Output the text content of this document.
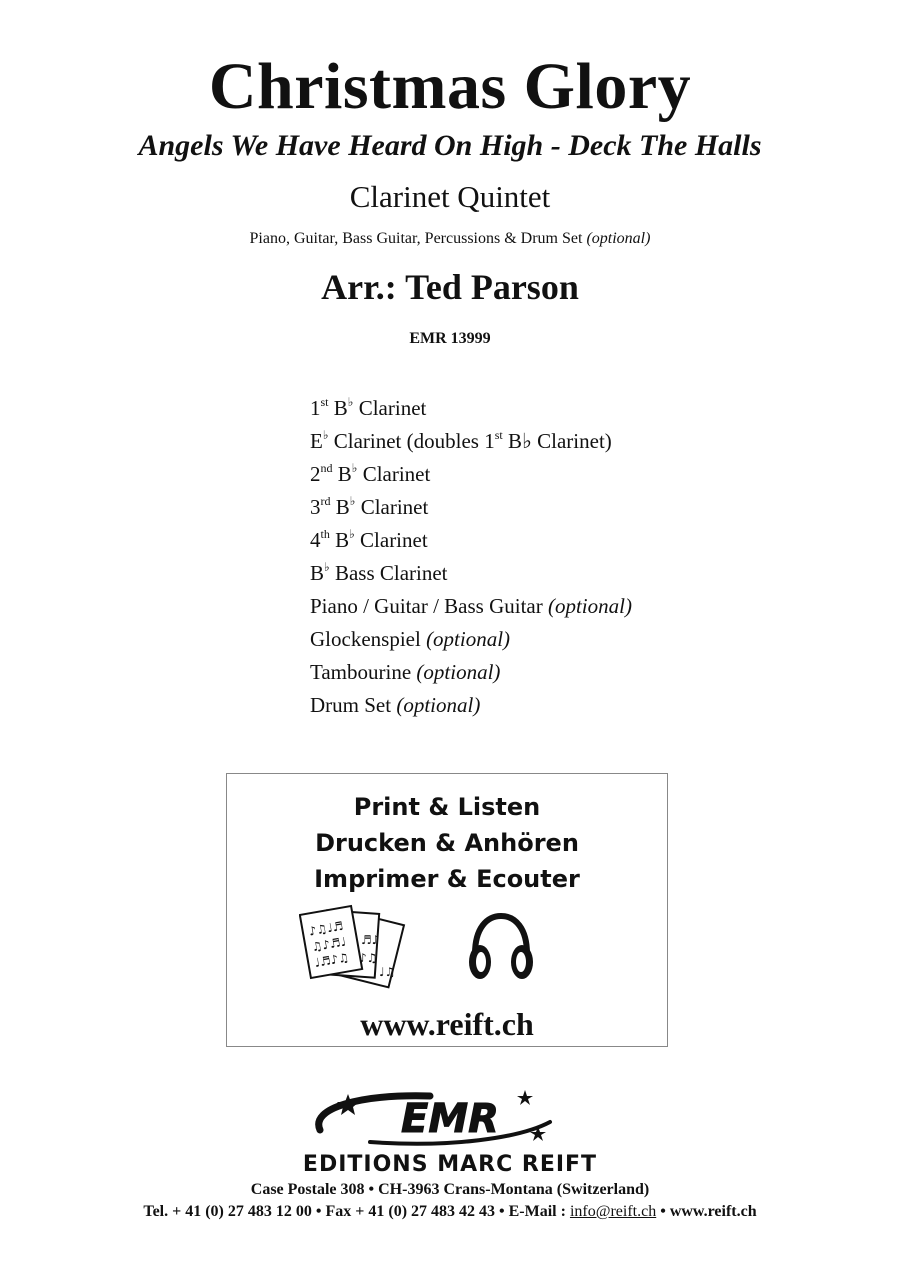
Christmas Glory
Angels We Have Heard On High - Deck The Halls
Clarinet Quintet
Piano, Guitar, Bass Guitar, Percussions & Drum Set (optional)
Arr.: Ted Parson
EMR 13999
1st B♭ Clarinet
E♭ Clarinet (doubles 1st B♭ Clarinet)
2nd B♭ Clarinet
3rd B♭ Clarinet
4th B♭ Clarinet
B♭ Bass Clarinet
Piano / Guitar / Bass Guitar (optional)
Glockenspiel (optional)
Tambourine (optional)
Drum Set (optional)
Print & Listen
Drucken & Anhören
Imprimer & Ecouter
♪♫♩♬
♫♪♬♩
♩♬♪♫
♬♪
♪♫
♩♫
www.reift.ch
EMR
EDITIONS MARC REIFT
Case Postale 308 • CH-3963 Crans-Montana (Switzerland)
Tel. + 41 (0) 27 483 12 00 • Fax + 41 (0) 27 483 42 43 • E-Mail : info@reift.ch • www.reift.ch
